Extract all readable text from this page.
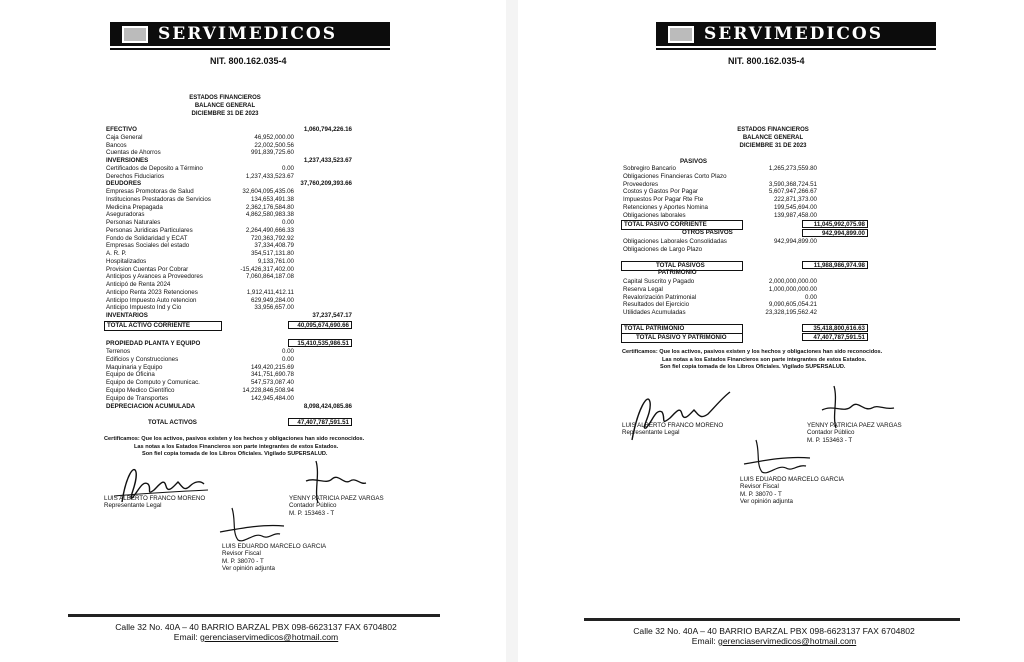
SERVIMEDICOS
NIT. 800.162.035-4
ESTADOS FINANCIEROS
BALANCE GENERAL
DICIEMBRE 31 DE 2023
EFECTIVO	1,060,794,226.16
Caja General	46,952,000.00
Bancos	22,002,500.56
Cuentas de Ahorros	991,839,725.60
INVERSIONES	1,237,433,523.67
Certificados de Deposito a Término	0.00
Derechos Fiduciarios	1,237,433,523.67
DEUDORES	37,760,209,393.66
Empresas Promotoras de Salud	32,604,095,435.06
Instituciones Prestadoras de Servicios	134,653,491.38
Medicina Prepagada	2,362,176,584.80
Aseguradoras	4,862,580,983.38
Personas Naturales	0.00
Personas Juridicas Particulares	2,264,490,666.33
Fondo de Solidaridad y ECAT	720,363,792.92
Empresas Sociales del estado	37,334,408.79
A. R. P.	354,517,131.80
Hospitalizados	9,133,761.00
Provision Cuentas Por Cobrar	-15,426,317,402.00
Anticipos y Avances a Proveedores	7,060,864,187.08
Anticipó de Renta 2024
Anticipo Renta 2023 Retenciones	1,912,411,412.11
Anticipo Impuesto Auto retencion	629,949,284.00
Anticipo Impuesto Ind y Cio	33,956,657.00
INVENTARIOS	37,237,547.17
TOTAL ACTIVO CORRIENTE	40,095,674,690.66
PROPIEDAD PLANTA Y EQUIPO	15,410,535,986.51
Terrenos	0.00
Edificios y Construcciones	0.00
Maquinaria y Equipo	149,420,215.69
Equipo de Oficina	341,751,690.78
Equipo de Computo y Comunicac.	547,573,087.40
Equipo Medico Científico	14,228,846,508.94
Equipo de Transportes	142,945,484.00
DEPRECIACION ACUMULADA	8,098,424,085.86
TOTAL ACTIVOS	47,407,787,591.51
Certificamos: Que los activos, pasivos existen y los hechos y obligaciones han sido reconocidos.
Las notas a los Estados Financieros son parte integrantes de estos Estados.
Son fiel copia tomada de los Libros Oficiales. Vigilado SUPERSALUD.
LUIS ALBERTO FRANCO MORENO
Representante Legal
YENNY PATRICIA PAEZ VARGAS
Contador Público
M. P. 153463 - T
LUIS EDUARDO MARCELO GARCIA
Revisor Fiscal
M. P. 38070 - T
Ver opinión adjunta
Calle 32 No. 40A – 40 BARRIO BARZAL PBX 098-6623137 FAX 6704802
Email: gerenciaservimedicos@hotmail.com
SERVIMEDICOS
NIT. 800.162.035-4
ESTADOS FINANCIEROS
BALANCE GENERAL
DICIEMBRE 31 DE 2023
PASIVOS
Sobregiro Bancario	1,265,273,559.80
Obligaciones Financieras Corto Plazo
Proveedores	3,590,368,724.51
Costos y Gastos Por Pagar	5,607,947,266.67
Impuestos Por Pagar Rte Fte	222,871,373.00
Retenciones y Aportes Nomina	199,545,694.00
Obligaciones laborales	139,987,458.00
TOTAL PASIVO CORRIENTE	11,045,992,075.98
OTROS PASIVOS	942,994,899.00
Obligaciones Laborales Consolidadas	942,994,899.00
Obligaciones de Largo Plazo
TOTAL PASIVOS	11,988,986,974.98
PATRIMONIO
Capital Suscrito y Pagado	2,000,000,000.00
Reserva Legal	1,000,000,000.00
Revalorización Patrimonial	0.00
Resultados del Ejercicio	9,090,605,054.21
Utilidades Acumuladas	23,328,195,562.42
TOTAL PATRIMONIO	35,418,800,616.63
TOTAL PASIVO Y PATRIMONIO	47,407,787,591.51
Certificamos: Que los activos, pasivos existen y los hechos y obligaciones han sido reconocidos.
Las notas a los Estados Financieros son parte integrantes de estos Estados.
Son fiel copia tomada de los Libros Oficiales. Vigilado SUPERSALUD.
LUIS ALBERTO FRANCO MORENO
Representante Legal
YENNY PATRICIA PAEZ VARGAS
Contador Público
M. P. 153463 - T
LUIS EDUARDO MARCELO GARCIA
Revisor Fiscal
M. P. 38070 - T
Ver opinión adjunta
Calle 32 No. 40A – 40 BARRIO BARZAL PBX 098-6623137 FAX 6704802
Email: gerenciaservimedicos@hotmail.com
